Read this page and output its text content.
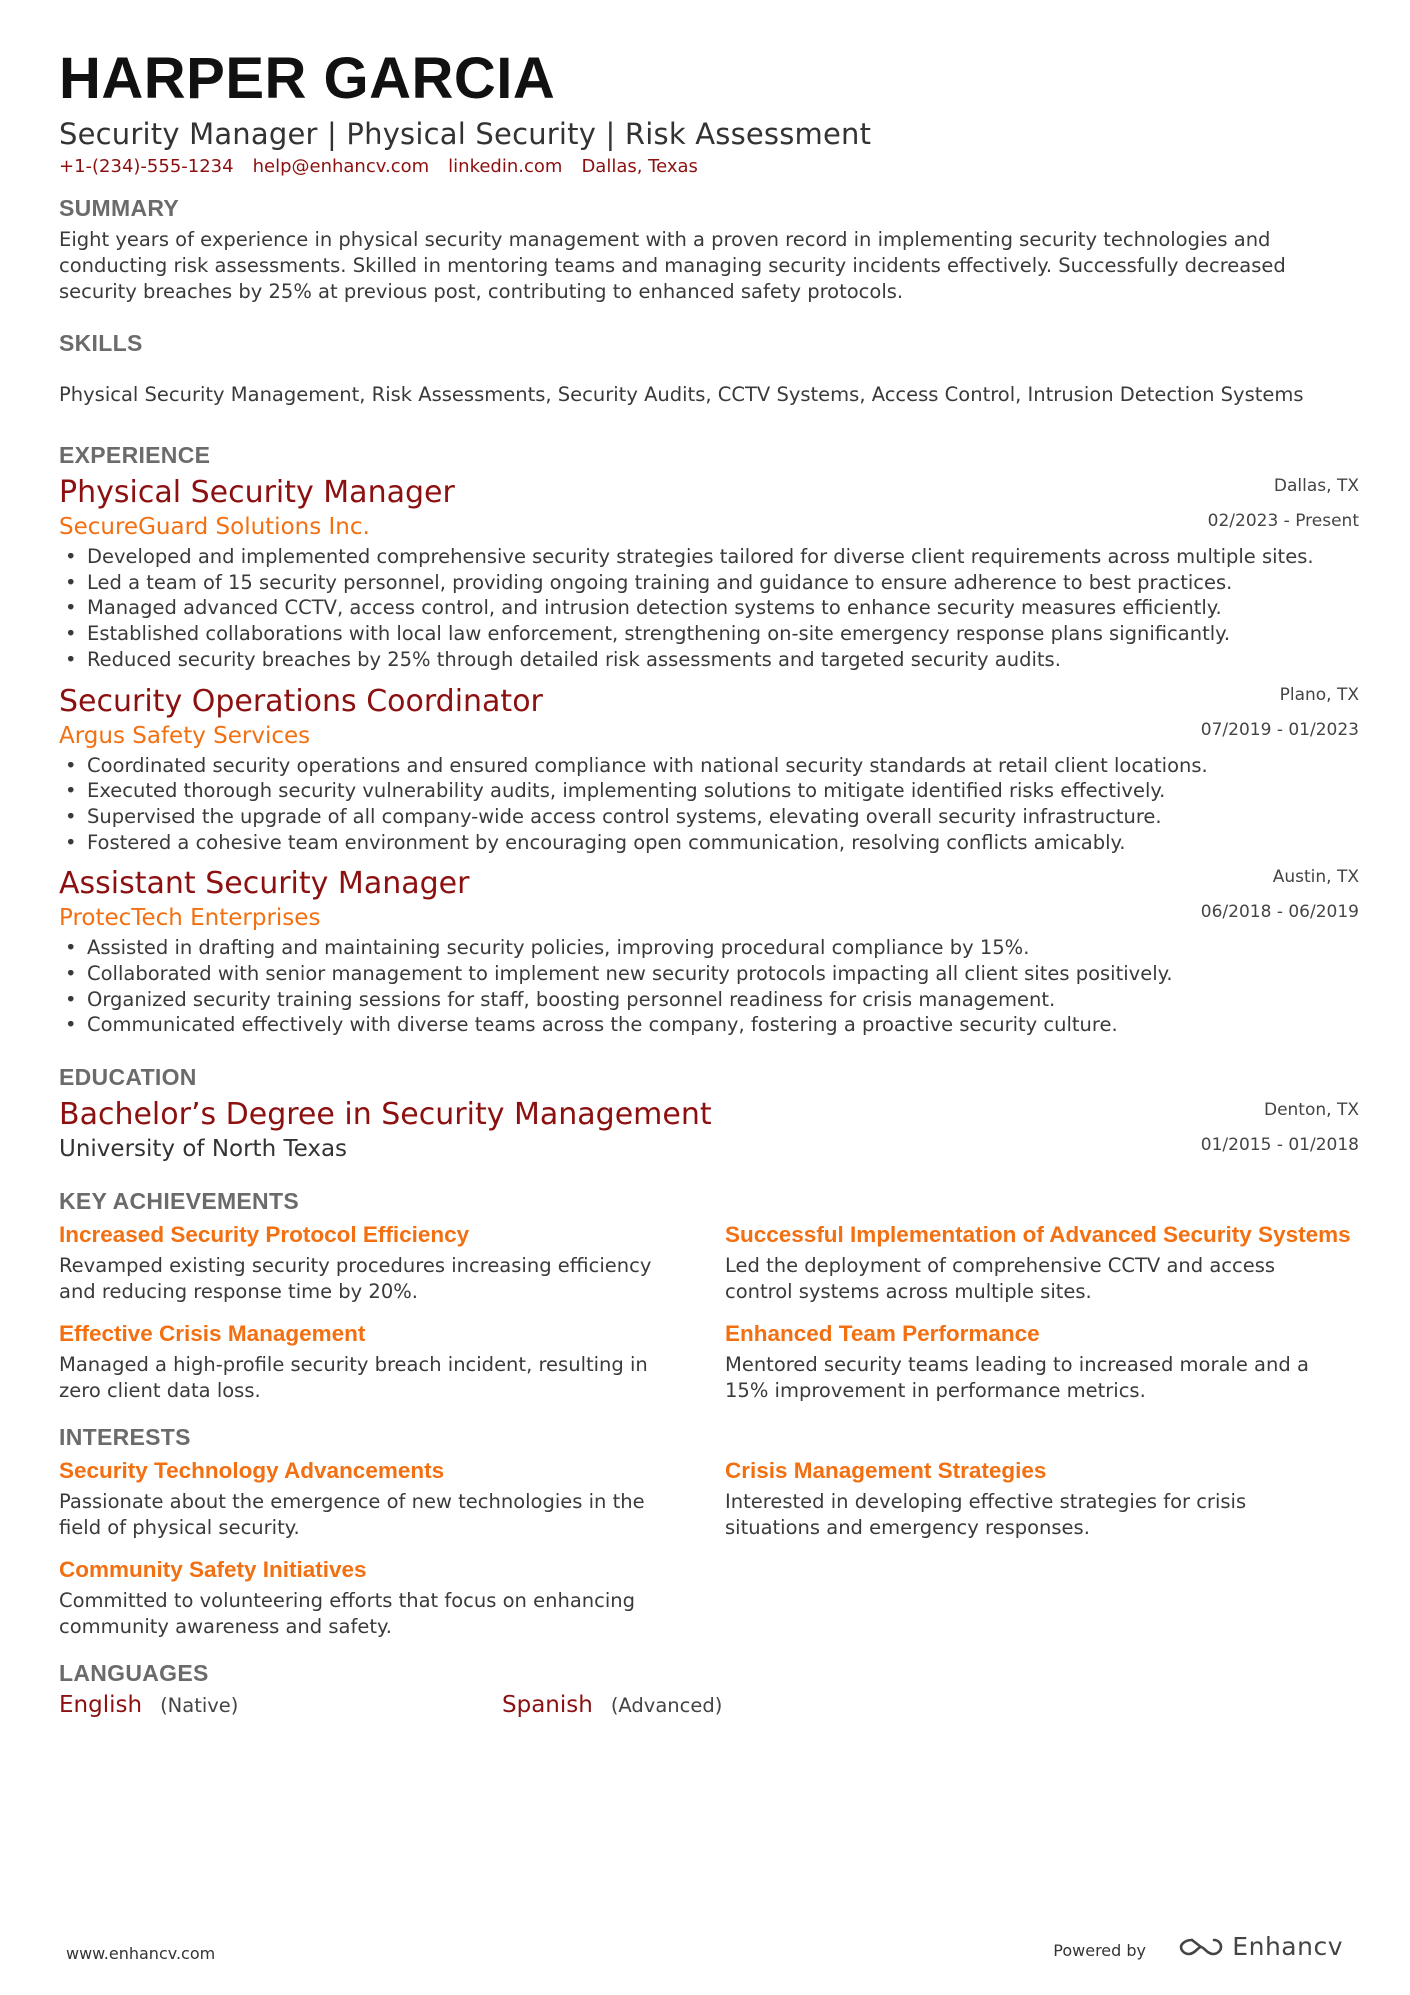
HARPER GARCIA
Security Manager | Physical Security | Risk Assessment
+1-(234)-555-1234 help@enhancv.com linkedin.com Dallas, Texas
SUMMARY
Eight years of experience in physical security management with a proven record in implementing security technologies and conducting risk assessments. Skilled in mentoring teams and managing security incidents effectively. Successfully decreased security breaches by 25% at previous post, contributing to enhanced safety protocols.
SKILLS
Physical Security Management, Risk Assessments, Security Audits, CCTV Systems, Access Control, Intrusion Detection Systems
EXPERIENCE
Dallas, TX
02/2023 - Present
Physical Security Manager
SecureGuard Solutions Inc.
• Developed and implemented comprehensive security strategies tailored for diverse client requirements across multiple sites.
• Led a team of 15 security personnel, providing ongoing training and guidance to ensure adherence to best practices.
• Managed advanced CCTV, access control, and intrusion detection systems to enhance security measures efficiently.
• Established collaborations with local law enforcement, strengthening on-site emergency response plans significantly.
• Reduced security breaches by 25% through detailed risk assessments and targeted security audits.
Plano, TX
07/2019 - 01/2023
Security Operations Coordinator
Argus Safety Services
• Coordinated security operations and ensured compliance with national security standards at retail client locations.
• Executed thorough security vulnerability audits, implementing solutions to mitigate identified risks effectively.
• Supervised the upgrade of all company-wide access control systems, elevating overall security infrastructure.
• Fostered a cohesive team environment by encouraging open communication, resolving conflicts amicably.
Austin, TX
06/2018 - 06/2019
Assistant Security Manager
ProtecTech Enterprises
• Assisted in drafting and maintaining security policies, improving procedural compliance by 15%.
• Collaborated with senior management to implement new security protocols impacting all client sites positively.
• Organized security training sessions for staff, boosting personnel readiness for crisis management.
• Communicated effectively with diverse teams across the company, fostering a proactive security culture.
EDUCATION
Denton, TX
01/2015 - 01/2018
Bachelor’s Degree in Security Management
University of North Texas
KEY ACHIEVEMENTS
Increased Security Protocol Efficiency
Revamped existing security procedures increasing efficiency and reducing response time by 20%.
Successful Implementation of Advanced Security Systems
Led the deployment of comprehensive CCTV and access control systems across multiple sites.
Effective Crisis Management
Managed a high-profile security breach incident, resulting in zero client data loss.
Enhanced Team Performance
Mentored security teams leading to increased morale and a 15% improvement in performance metrics.
INTERESTS
Security Technology Advancements
Passionate about the emergence of new technologies in the field of physical security.
Crisis Management Strategies
Interested in developing effective strategies for crisis situations and emergency responses.
Community Safety Initiatives
Committed to volunteering efforts that focus on enhancing community awareness and safety.
LANGUAGES
English (Native)	Spanish (Advanced)
www.enhancv.com	Powered by	Enhancv
